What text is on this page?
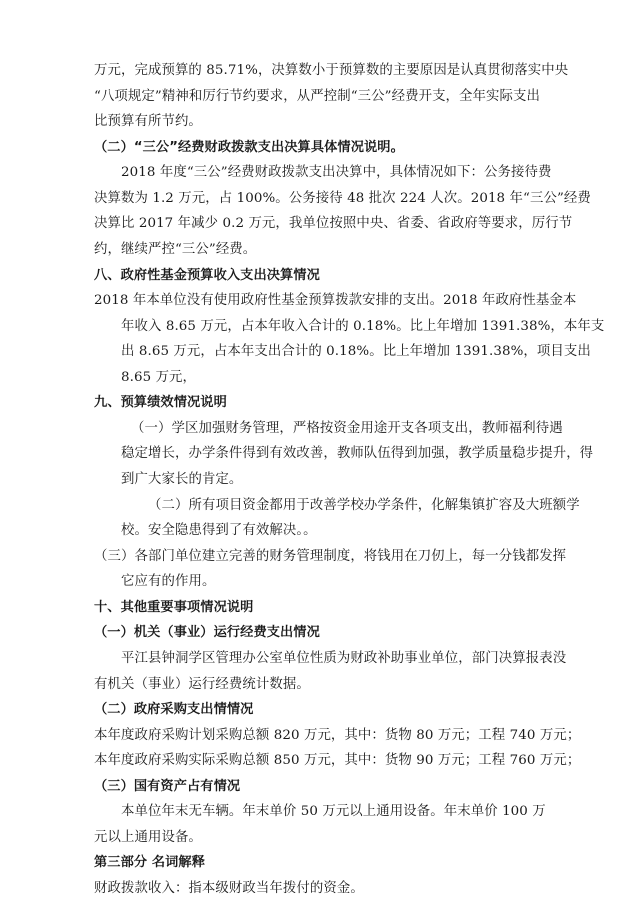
万元，完成预算的 85.71%，决算数小于预算数的主要原因是认真贯彻落实中央
“八项规定”精神和厉行节约要求，从严控制“三公”经费开支，全年实际支出
比预算有所节约。
（二）“三公”经费财政拨款支出决算具体情况说明。
2018 年度“三公”经费财政拨款支出决算中，具体情况如下：公务接待费
决算数为 1.2 万元，占 100%。公务接待 48 批次 224 人次。2018 年“三公”经费
决算比 2017 年减少 0.2 万元，我单位按照中央、省委、省政府等要求，厉行节
约，继续严控“三公”经费。
八、政府性基金预算收入支出决算情况
2018 年本单位没有使用政府性基金预算拨款安排的支出。2018 年政府性基金本
年收入 8.65 万元，占本年收入合计的 0.18%。比上年增加 1391.38%，本年支
出 8.65 万元，占本年支出合计的 0.18%。比上年增加 1391.38%，项目支出
8.65 万元，
九、预算绩效情况说明
（一）学区加强财务管理，严格按资金用途开支各项支出，教师福利待遇
稳定增长，办学条件得到有效改善，教师队伍得到加强，教学质量稳步提升，得
到广大家长的肯定。
（二）所有项目资金都用于改善学校办学条件，化解集镇扩容及大班额学
校。安全隐患得到了有效解决。。
（三）各部门单位建立完善的财务管理制度，将钱用在刀仞上，每一分钱都发挥
它应有的作用。
十、其他重要事项情况说明
（一）机关（事业）运行经费支出情况
平江县钟洞学区管理办公室单位性质为财政补助事业单位，部门决算报表没
有机关（事业）运行经费统计数据。
（二）政府采购支出情情况
本年度政府采购计划采购总额 820 万元，其中：货物 80 万元；工程 740 万元；
本年度政府采购实际采购总额 850 万元，其中：货物 90 万元；工程 760 万元；
（三）国有资产占有情况
本单位年末无车辆。年末单价 50 万元以上通用设备。年末单价 100 万
元以上通用设备。
第三部分 名词解释
财政拨款收入：指本级财政当年拨付的资金。
